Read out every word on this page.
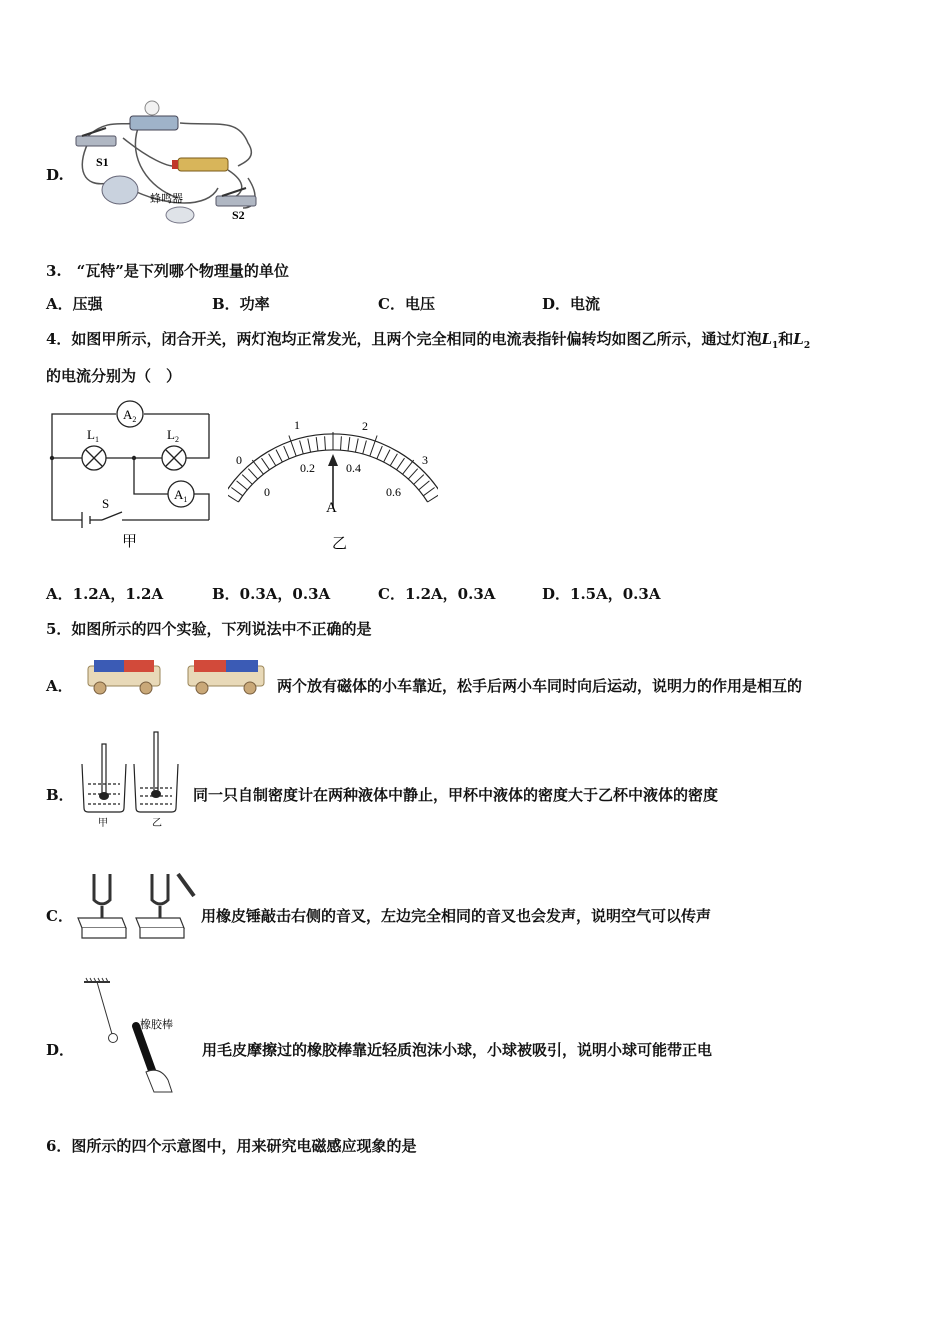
D.
S1
S2
蜂鸣器
3.　“瓦特”是下列哪个物理量的单位
A．压强	B．功率	C．电压	D．电流
4．如图甲所示，闭合开关，两灯泡均正常发光，且两个完全相同的电流表指针偏转均如图乙所示，通过灯泡$L_1$和$L_2$
的电流分别为（　）
$A_2$
$A_1$
$L_1$	$L_2$
S
甲
0
1	2
3
0
0.2	0.4
0.6
A
乙
A．1.2A，1.2A	B．0.3A，0.3A	C．1.2A，0.3A	D．1.5A，0.3A
5．如图所示的四个实验，下列说法中不正确的是
A．	两个放有磁体的小车靠近，松手后两小车同时向后运动，说明力的作用是相互的
B．
甲	乙
同一只自制密度计在两种液体中静止，甲杯中液体的密度大于乙杯中液体的密度
C．	用橡皮锤敲击右侧的音叉，左边完全相同的音叉也会发声，说明空气可以传声
D．
橡胶棒
用毛皮摩擦过的橡胶棒靠近轻质泡沫小球，小球被吸引，说明小球可能带正电
6．图所示的四个示意图中，用来研究电磁感应现象的是
